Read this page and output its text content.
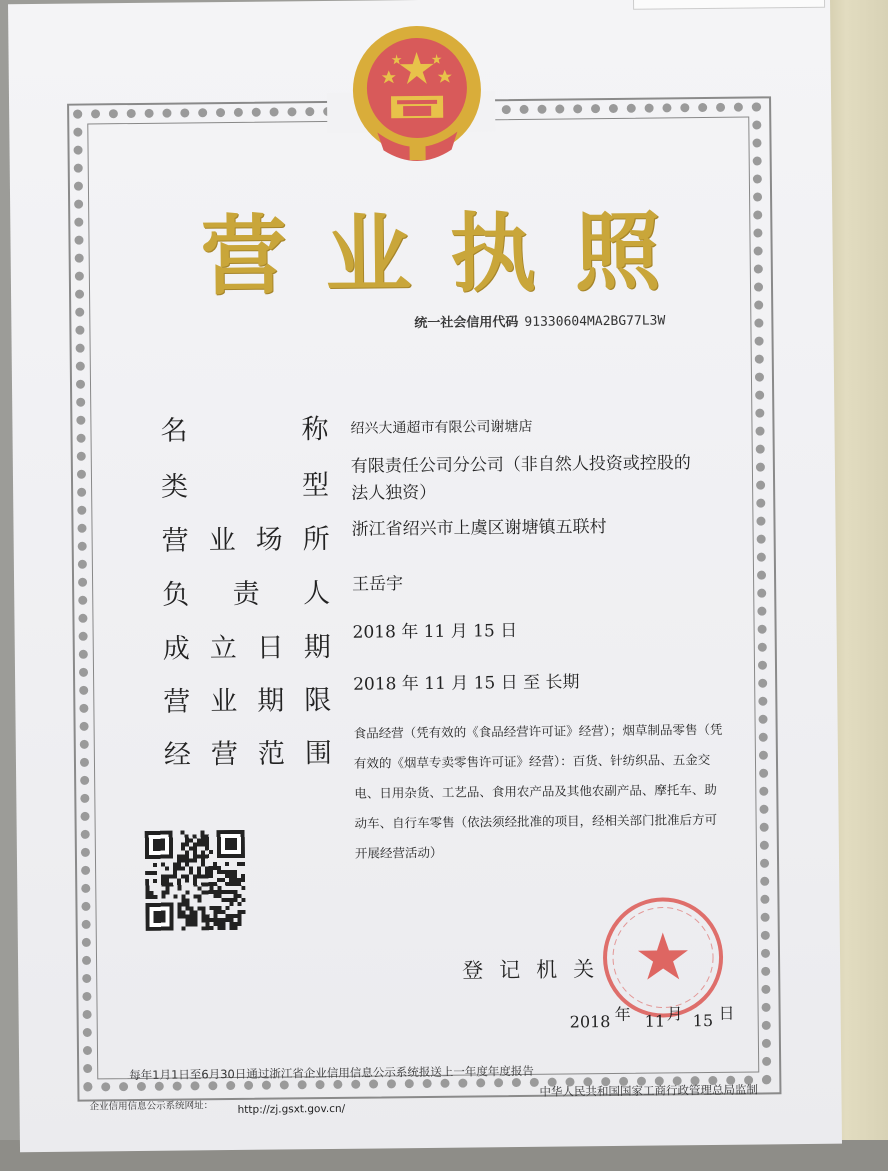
营 业 执 照
统一社会信用代码 91330604MA2BG77L3W
名	称 绍兴大通超市有限公司谢塘店
类	型
有限责任公司分公司（非自然人投资或控股的
法人独资）
营 业 场 所 浙江省绍兴市上虞区谢塘镇五联村
负 责 人 王岳宇
成 立 日 期
2018 年 11 月 15 日
营 业 期 限
2018 年 11 月 15 日 至 长期
经 营 范 围
食品经营（凭有效的《食品经营许可证》经营）；烟草制品零售（凭
有效的《烟草专卖零售许可证》经营）：百货、针纺织品、五金交
电、日用杂货、工艺品、食用农产品及其他农副产品、摩托车、助
动车、自行车零售（依法须经批准的项目，经相关部门批准后方可
开展经营活动）
登 记 机 关
2018 年 11 月 15 日
每年1月1日至6月30日通过浙江省企业信用信息公示系统报送上一年度年度报告
企业信用信息公示系统网址： http://zj.gsxt.gov.cn/
中华人民共和国国家工商行政管理总局监制
